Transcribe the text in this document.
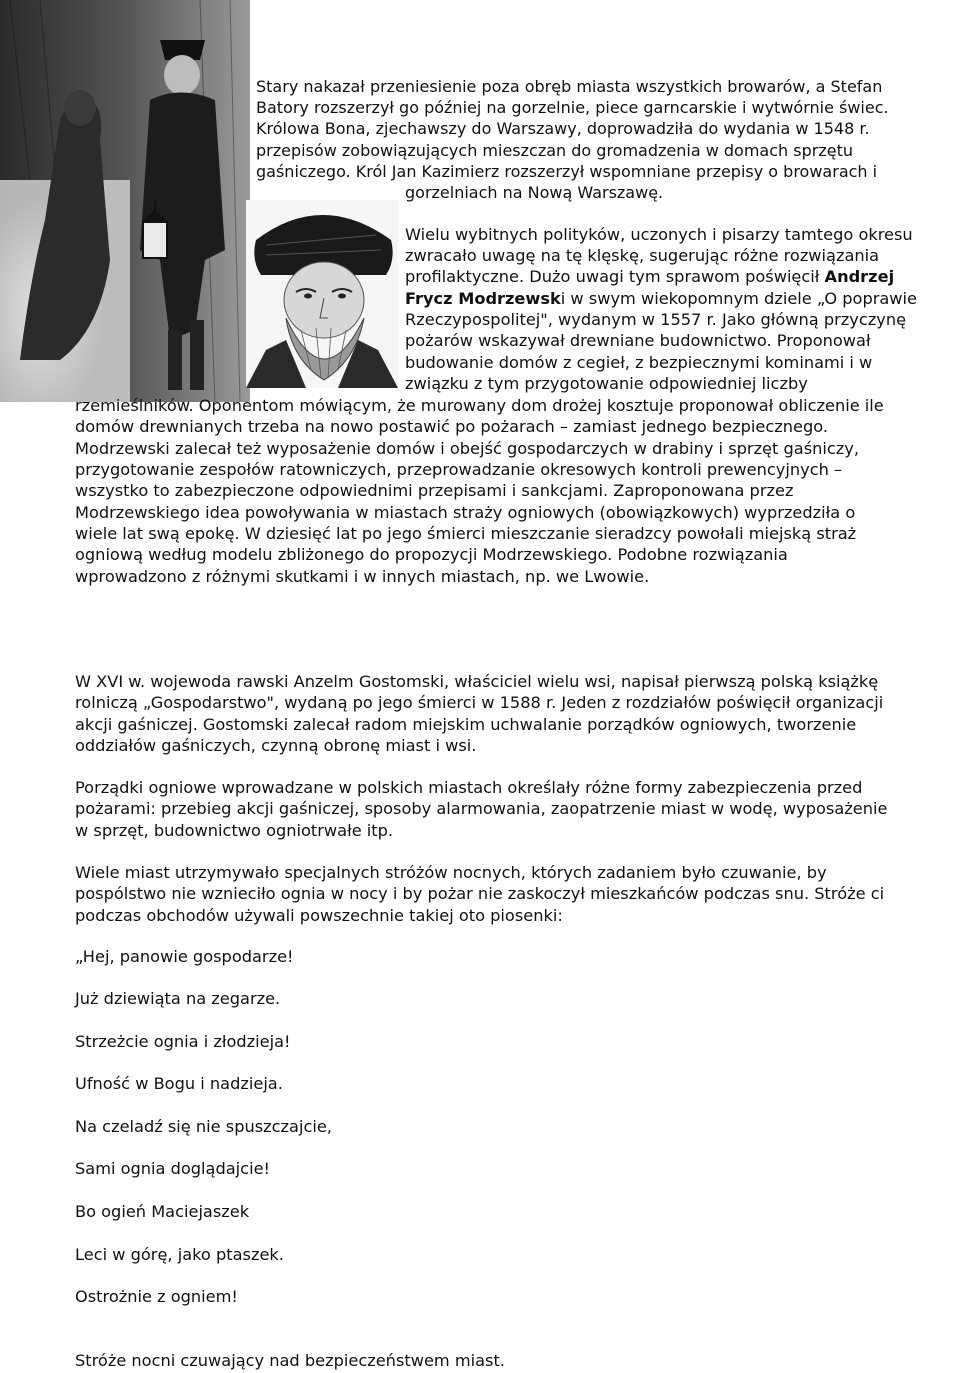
Stary nakazał przeniesienie poza obręb miasta wszystkich browarów, a Stefan
Batory rozszerzył go później na gorzelnie, piece garncarskie i wytwórnie świec.
Królowa Bona, zjechawszy do Warszawy, doprowadziła do wydania w 1548 r.
przepisów zobowiązujących mieszczan do gromadzenia w domach sprzętu
gaśniczego. Król Jan Kazimierz rozszerzył wspomniane przepisy o browarach i
gorzelniach na Nową Warszawę.
Wielu wybitnych polityków, uczonych i pisarzy tamtego okresu
zwracało uwagę na tę klęskę, sugerując różne rozwiązania
profilaktyczne. Dużo uwagi tym sprawom poświęcił Andrzej
Frycz Modrzewski w swym wiekopomnym dziele „O poprawie
Rzeczypospolitej", wydanym w 1557 r. Jako główną przyczynę
pożarów wskazywał drewniane budownictwo. Proponował
budowanie domów z cegieł, z bezpiecznymi kominami i w
związku z tym przygotowanie odpowiedniej liczby
rzemieślników. Oponentom mówiącym, że murowany dom drożej kosztuje proponował obliczenie ile
domów drewnianych trzeba na nowo postawić po pożarach – zamiast jednego bezpiecznego.
Modrzewski zalecał też wyposażenie domów i obejść gospodarczych w drabiny i sprzęt gaśniczy,
przygotowanie zespołów ratowniczych, przeprowadzanie okresowych kontroli prewencyjnych –
wszystko to zabezpieczone odpowiednimi przepisami i sankcjami. Zaproponowana przez
Modrzewskiego idea powoływania w miastach straży ogniowych (obowiązkowych) wyprzedziła o
wiele lat swą epokę. W dziesięć lat po jego śmierci mieszczanie sieradzcy powołali miejską straż
ogniową według modelu zbliżonego do propozycji Modrzewskiego. Podobne rozwiązania
wprowadzono z różnymi skutkami i w innych miastach, np. we Lwowie.
W XVI w. wojewoda rawski Anzelm Gostomski, właściciel wielu wsi, napisał pierwszą polską książkę
rolniczą „Gospodarstwo", wydaną po jego śmierci w 1588 r. Jeden z rozdziałów poświęcił organizacji
akcji gaśniczej. Gostomski zalecał radom miejskim uchwalanie porządków ogniowych, tworzenie
oddziałów gaśniczych, czynną obronę miast i wsi.
Porządki ogniowe wprowadzane w polskich miastach określały różne formy zabezpieczenia przed
pożarami: przebieg akcji gaśniczej, sposoby alarmowania, zaopatrzenie miast w wodę, wyposażenie
w sprzęt, budownictwo ogniotrwałe itp.
Wiele miast utrzymywało specjalnych stróżów nocnych, których zadaniem było czuwanie, by
pospólstwo nie wznieciło ognia w nocy i by pożar nie zaskoczył mieszkańców podczas snu. Stróże ci
podczas obchodów używali powszechnie takiej oto piosenki:
„Hej, panowie gospodarze!
Już dziewiąta na zegarze.
Strzeżcie ognia i złodzieja!
Ufność w Bogu i nadzieja.
Na czeladź się nie spuszczajcie,
Sami ognia doglądajcie!
Bo ogień Maciejaszek
Leci w górę, jako ptaszek.
Ostrożnie z ogniem!
Stróże nocni czuwający nad bezpieczeństwem miast.
